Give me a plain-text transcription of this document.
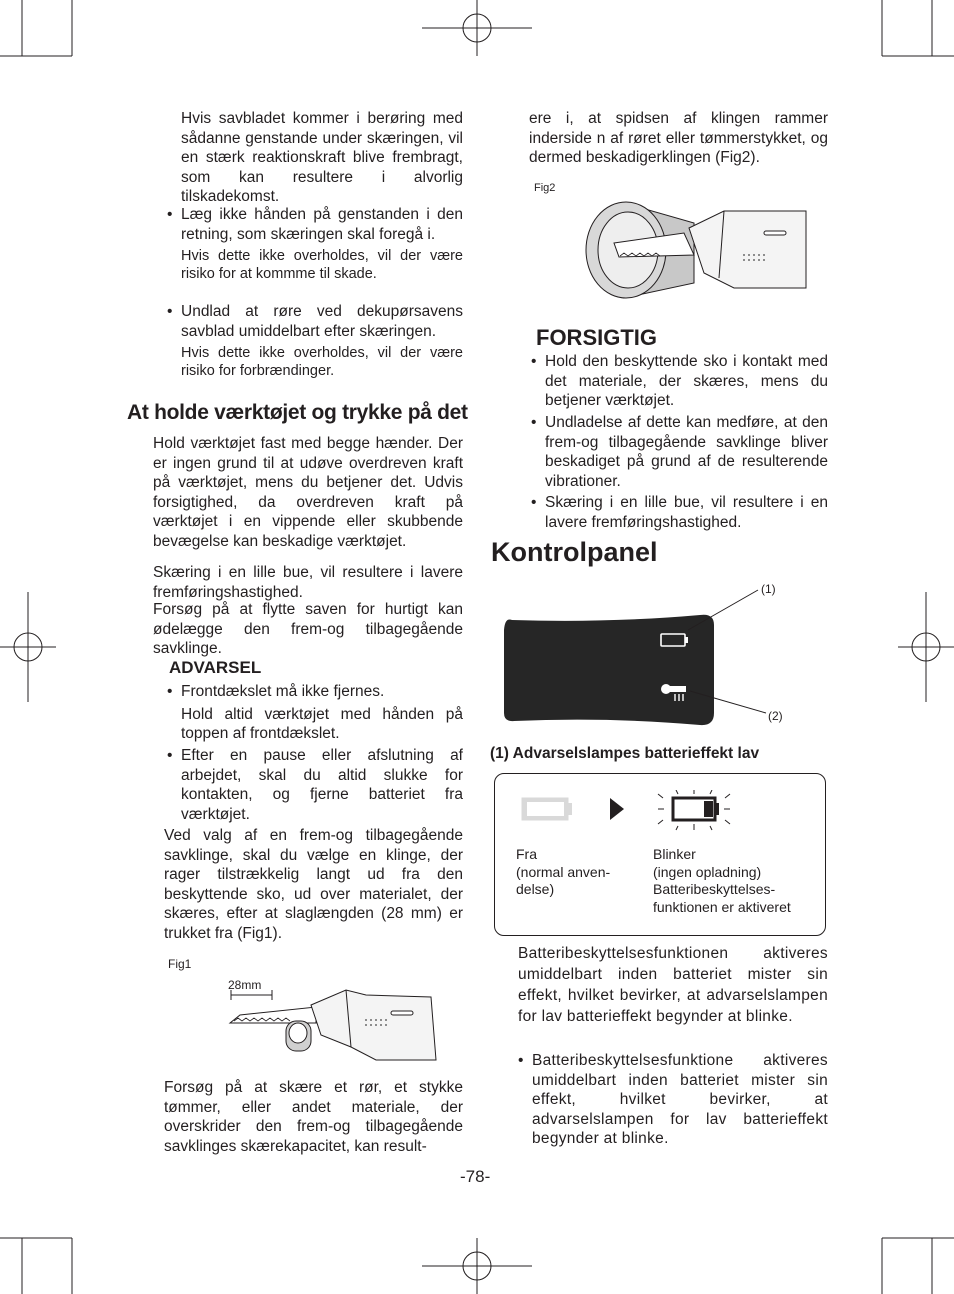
Hvis savbladet kommer i berøring med sådanne genstande under skæringen, vil en stærk reaktionskraft blive frembragt, som kan resultere i alvorlig tilskadekomst.

• Læg ikke hånden på genstanden i den retning, som skæringen skal foregå i.

Hvis dette ikke overholdes, vil der være risiko for at kommme til skade.

• Undlad at røre ved dekupørsavens savblad umiddelbart efter skæringen.

Hvis dette ikke overholdes, vil der være risiko for forbrændinger.

At holde værktøjet og trykke på det

Hold værktøjet fast med begge hænder. Der er ingen grund til at udøve overdreven kraft på værktøjet, mens du betjener det. Udvis forsigtighed, da overdreven kraft på værktøjet i en vippende eller skubbende bevægelse kan beskadige værktøjet.

Skæring i en lille bue, vil resultere i lavere fremføringshastighed.

Forsøg på at flytte saven for hurtigt kan ødelægge den frem-og tilbagegående savklinge.

ADVARSEL
• Frontdækslet må ikke fjernes.

Hold altid værktøjet med hånden på toppen af frontdækslet.

• Efter en pause eller afslutning af arbejdet, skal du altid slukke for kontakten, og fjerne batteriet fra værktøjet.

Ved valg af en frem-og tilbagegående savklinge, skal du vælge en klinge, der rager tilstrækkelig langt ud fra den beskyttende sko, ud over materialet, der skæres, efter at slaglængden (28 mm) er trukket fra (Fig1).

Fig1
28mm

Forsøg på at skære et rør, et stykke tømmer, eller andet materiale, der overskrider den frem-og tilbagegående savklinges skærekapacitet, kan result-

ere i, at spidsen af klingen rammer inderside n af røret eller tømmerstykket, og dermed beskadigerklingen (Fig2).

Fig2
FORSIGTIG
• Hold den beskyttende sko i kontakt med det materiale, der skæres, mens du betjener værktøjet.

• Undladelse af dette kan medføre, at den frem-og tilbagegående savklinge bliver beskadiget på grund af de resulterende vibrationer.

• Skæring i en lille bue, vil resultere i en lavere fremføringshastighed.

Kontrolpanel
(1)
(2)
(1) Advarselslampes batterieffekt lav
Fra
(normal anven-
delse)
Blinker
(ingen opladning)
Batteribeskyttelses-
funktionen er aktiveret

Batteribeskyttelsesfunktionen aktiveres umiddelbart inden batteriet mister sin effekt, hvilket bevirker, at advarselslampen for lav batterieffekt begynder at blinke.

• Batteribeskyttelsesfunktione aktiveres umiddelbart inden batteriet mister sin effekt, hvilket bevirker, at advarselslampen for lav batterieffekt begynder at blinke.

-78-
